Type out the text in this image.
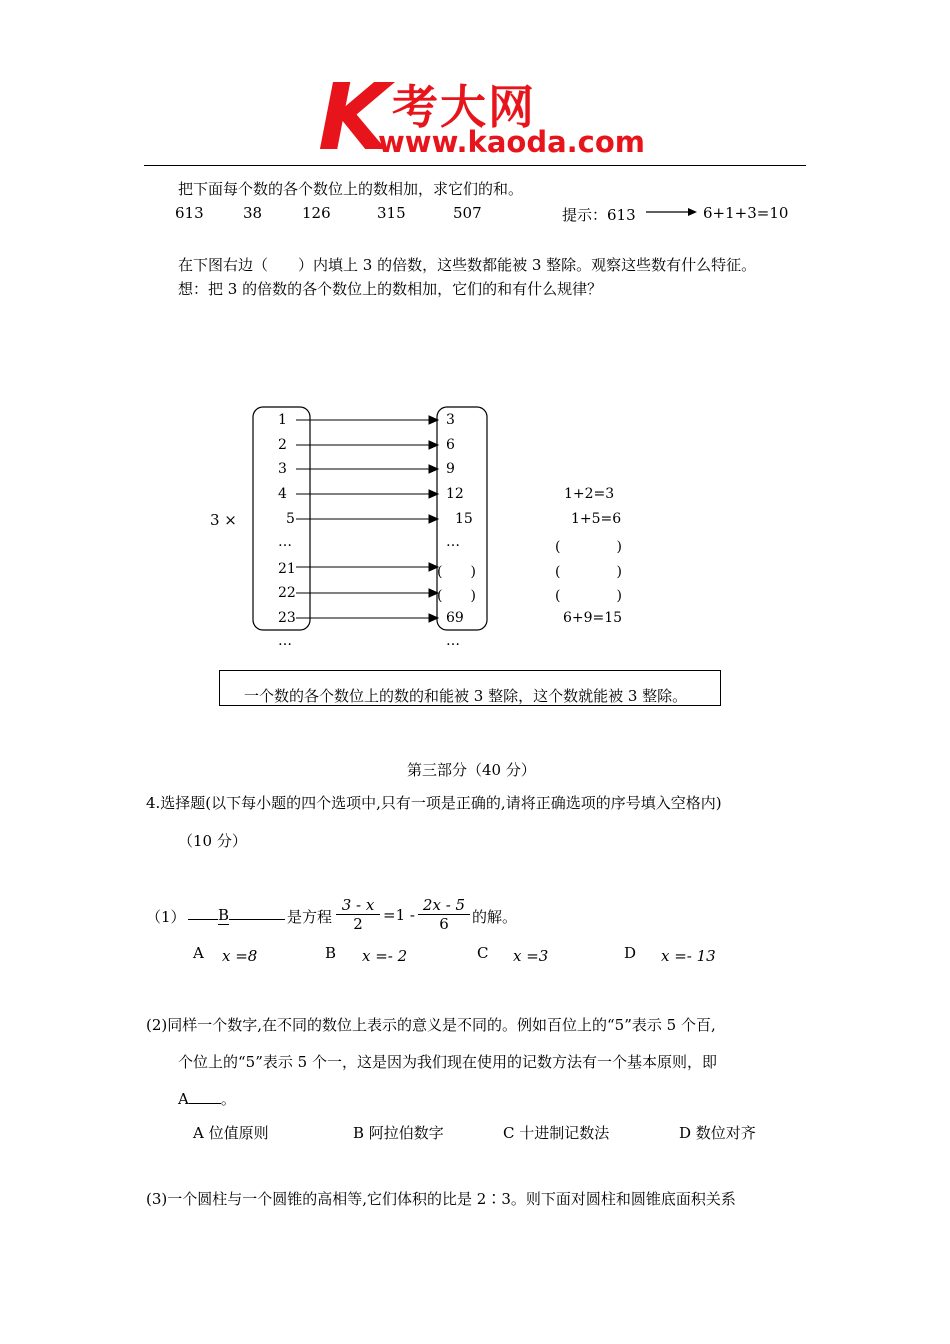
K 考大网
www.kaoda.com
把下面每个数的各个数位上的数相加，求它们的和。
613	38	126	315	507	提示：613	6+1+3=10
在下图右边（　　）内填上 3 的倍数，这些数都能被 3 整除。观察这些数有什么特征。
想：把 3 的倍数的各个数位上的数相加，它们的和有什么规律？
3 ×
1
2
3
4
5
…
21
22
23
…
3
6
9
12
15
…
(　　)
(　　)
69
…
1+2=3
1+5=6
(　　　　)
(　　　　)
(　　　　)
6+9=15
一个数的各个数位上的数的和能被 3 整除，这个数就能被 3 整除。
第三部分（40 分）
4.选择题(以下每小题的四个选项中,只有一项是正确的,请将正确选项的序号填入空格内)
（10 分）
（1）	B	是方程
3 - x
2	=1 -
2x - 5
6	的解。
A x =8	B x =- 2	C x =3	D x =- 13
(2)同样一个数字,在不同的数位上表示的意义是不同的。例如百位上的“5”表示 5 个百,
个位上的“5”表示 5 个一，这是因为我们现在使用的记数方法有一个基本原则，即
A 。
A 位值原则	B 阿拉伯数字	C 十进制记数法	D 数位对齐
(3)一个圆柱与一个圆锥的高相等,它们体积的比是 2∶3。则下面对圆柱和圆锥底面积关系
